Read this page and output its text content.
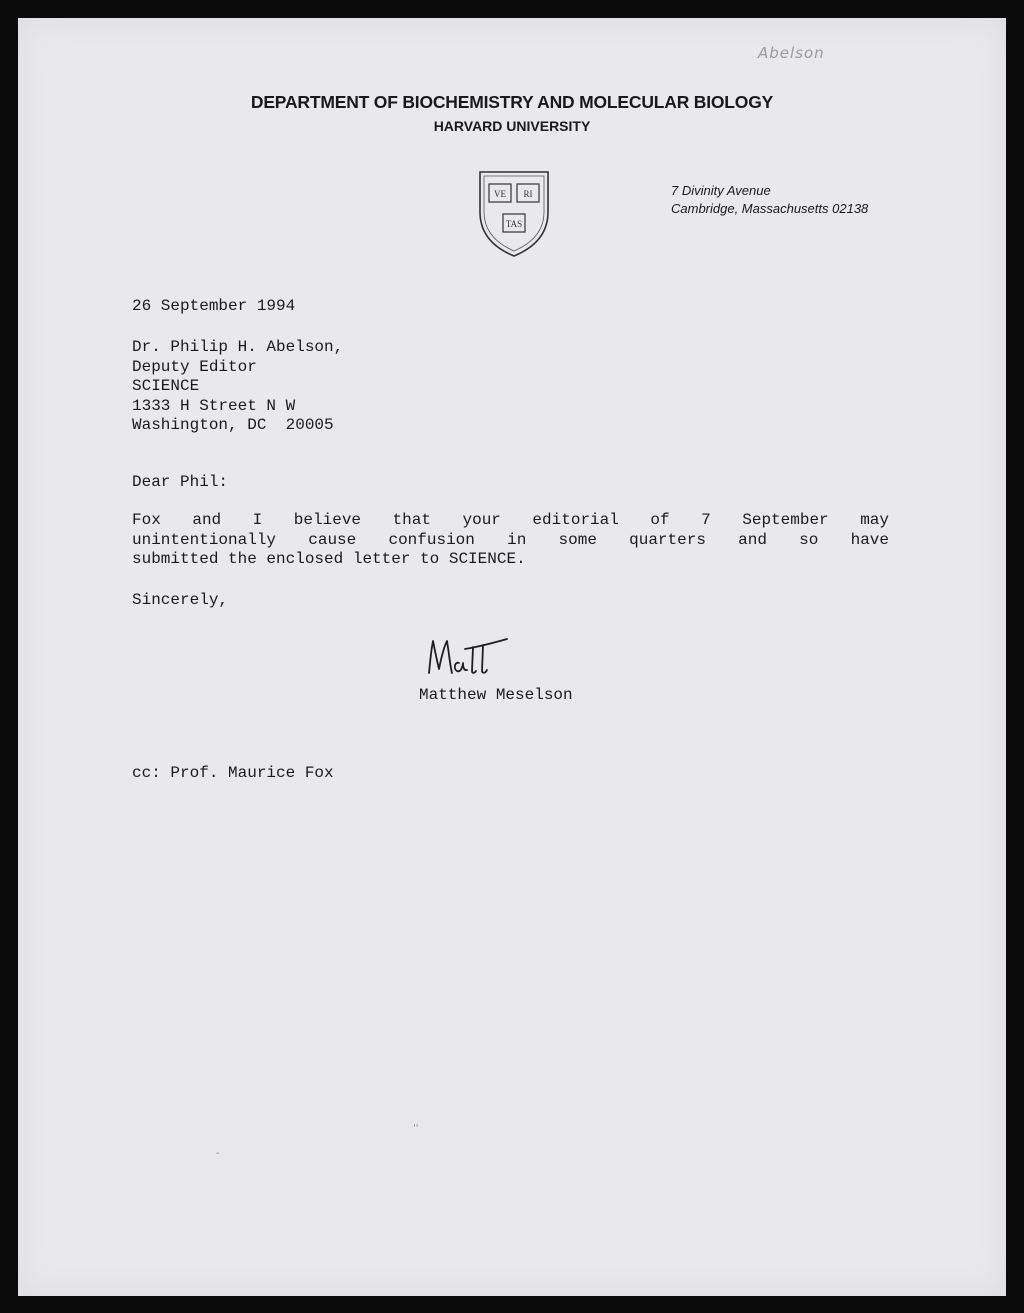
Abelson
DEPARTMENT OF BIOCHEMISTRY AND MOLECULAR BIOLOGY
HARVARD UNIVERSITY
VE RI
TAS
7 Divinity Avenue
Cambridge, Massachusetts 02138
26 September 1994
Dr. Philip H. Abelson,
Deputy Editor
SCIENCE
1333 H Street N W
Washington, DC  20005
Dear Phil:
Fox and I believe that your editorial of 7 September may
unintentionally cause confusion in some quarters and so have
submitted the enclosed letter to SCIENCE.
Sincerely,
Matthew Meselson
cc: Prof. Maurice Fox
''
-
